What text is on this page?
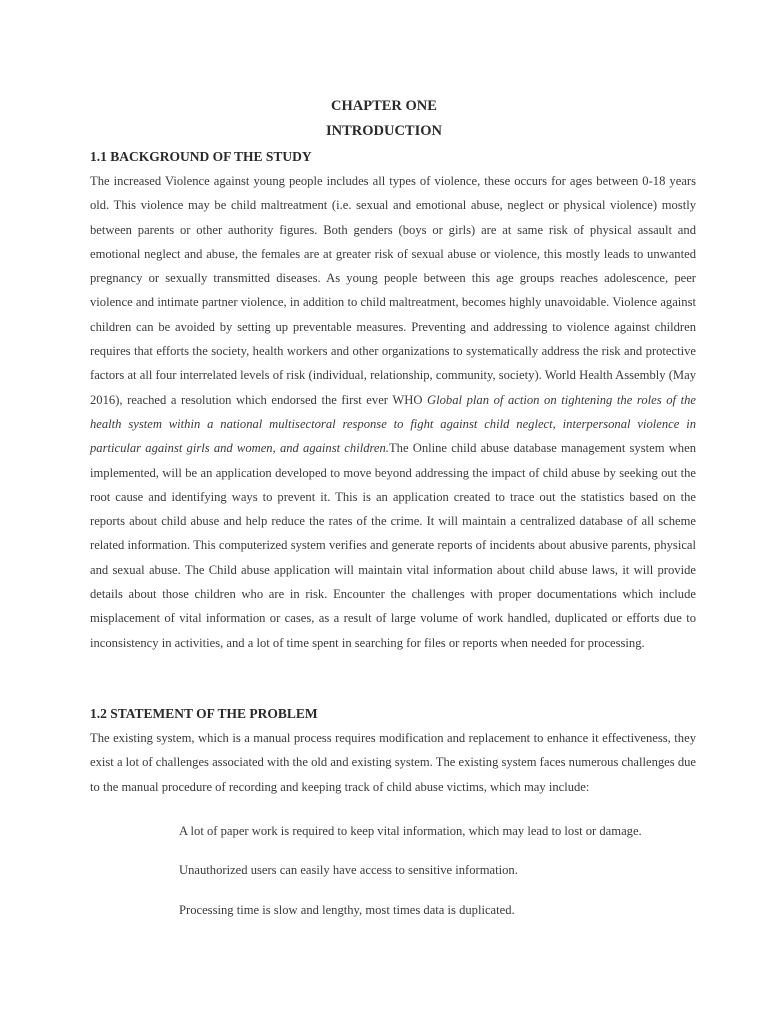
CHAPTER ONE
INTRODUCTION
1.1 BACKGROUND OF THE STUDY
The increased Violence against young people includes all types of violence, these occurs for ages between 0-18 years old. This violence may be child maltreatment (i.e. sexual and emotional abuse, neglect or physical violence) mostly between parents or other authority figures. Both genders (boys or girls) are at same risk of physical assault and emotional neglect and abuse, the females are at greater risk of sexual abuse or violence, this mostly leads to unwanted pregnancy or sexually transmitted diseases. As young people between this age groups reaches adolescence, peer violence and intimate partner violence, in addition to child maltreatment, becomes highly unavoidable. Violence against children can be avoided by setting up preventable measures. Preventing and addressing to violence against children requires that efforts the society, health workers and other organizations to systematically address the risk and protective factors at all four interrelated levels of risk (individual, relationship, community, society). World Health Assembly (May 2016), reached a resolution which endorsed the first ever WHO Global plan of action on tightening the roles of the health system within a national multisectoral response to fight against child neglect, interpersonal violence in particular against girls and women, and against children.The Online child abuse database management system when implemented, will be an application developed to move beyond addressing the impact of child abuse by seeking out the root cause and identifying ways to prevent it. This is an application created to trace out the statistics based on the reports about child abuse and help reduce the rates of the crime. It will maintain a centralized database of all scheme related information. This computerized system verifies and generate reports of incidents about abusive parents, physical and sexual abuse. The Child abuse application will maintain vital information about child abuse laws, it will provide details about those children who are in risk. Encounter the challenges with proper documentations which include misplacement of vital information or cases, as a result of large volume of work handled, duplicated or efforts due to inconsistency in activities, and a lot of time spent in searching for files or reports when needed for processing.
1.2 STATEMENT OF THE PROBLEM
The existing system, which is a manual process requires modification and replacement to enhance it effectiveness, they exist a lot of challenges associated with the old and existing system. The existing system faces numerous challenges due to the manual procedure of recording and keeping track of child abuse victims, which may include:
A lot of paper work is required to keep vital information, which may lead to lost or damage.
Unauthorized users can easily have access to sensitive information.
Processing time is slow and lengthy, most times data is duplicated.
